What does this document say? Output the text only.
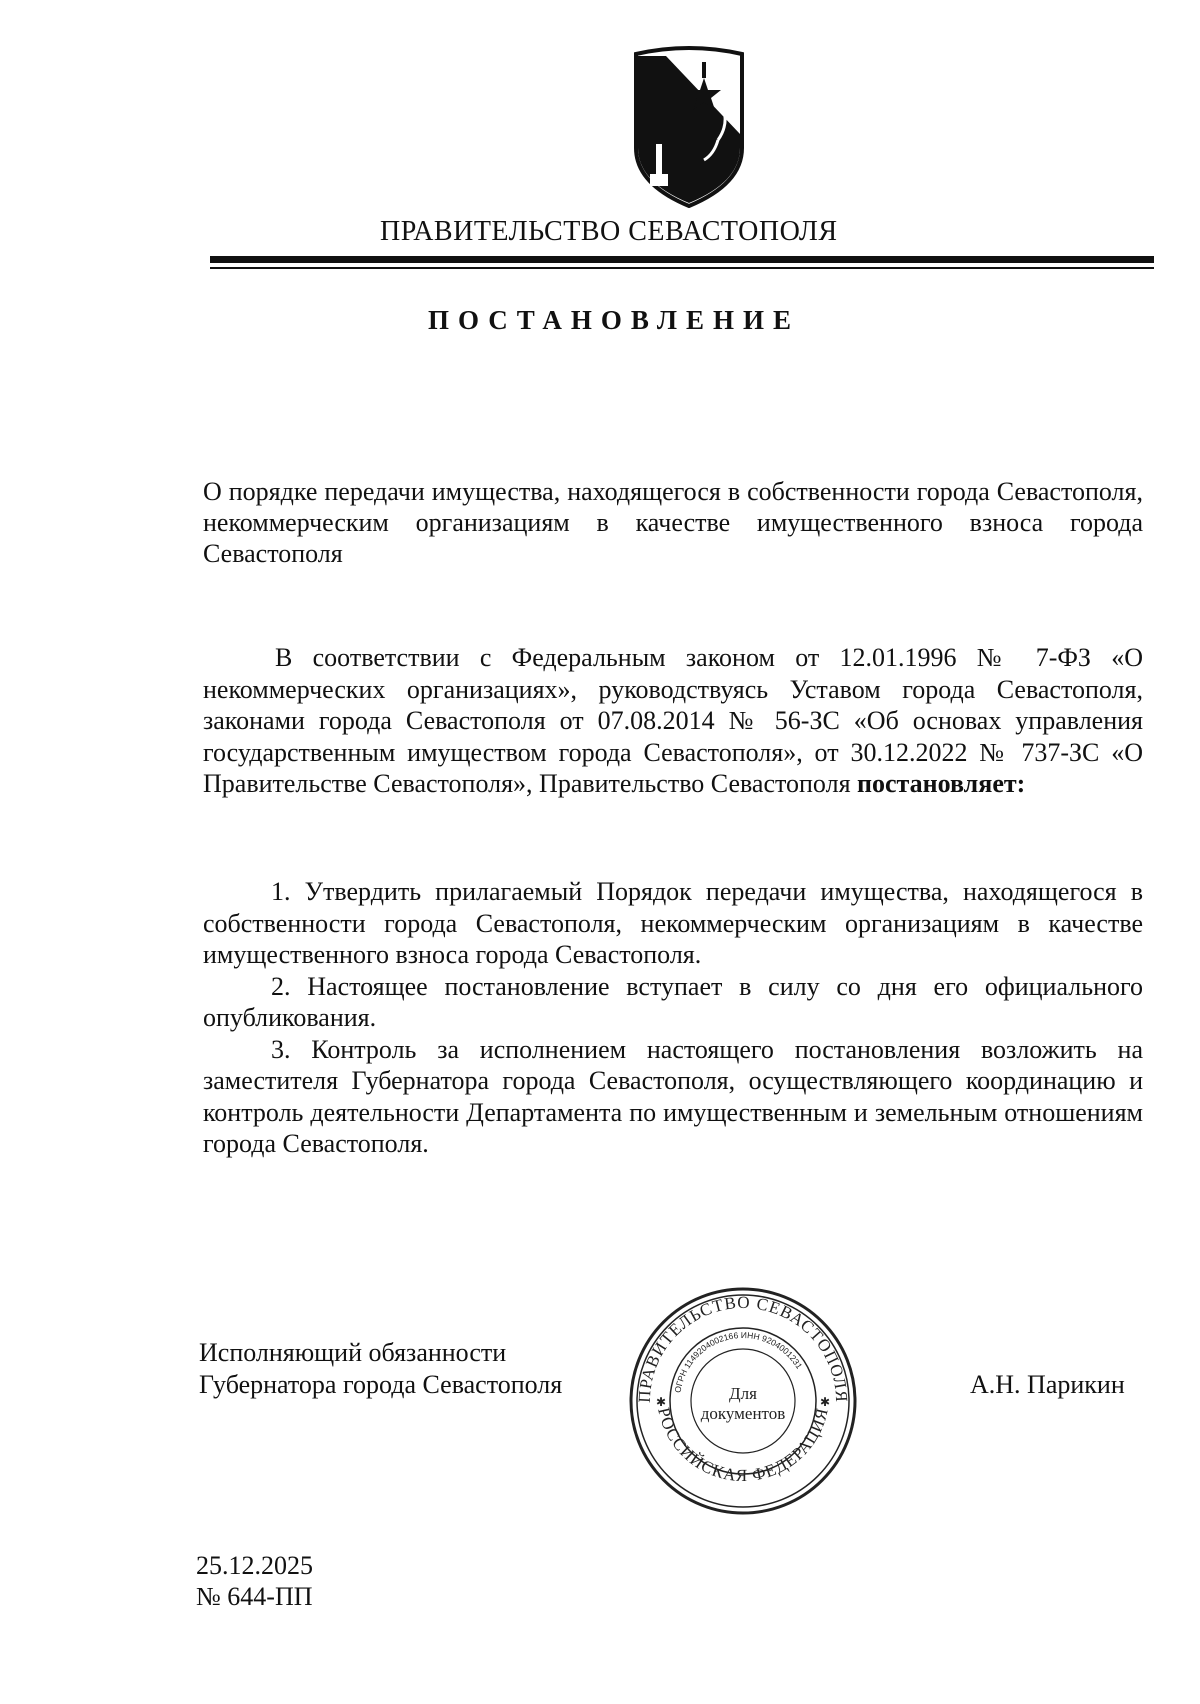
ПРАВИТЕЛЬСТВО СЕВАСТОПОЛЯ
ПОСТАНОВЛЕНИЕ
О порядке передачи имущества, находящегося в собственности города Севастополя, некоммерческим организациям в качестве имущественного взноса города Севастополя
В соответствии с Федеральным законом от 12.01.1996 № 7-ФЗ «О некоммерческих организациях», руководствуясь Уставом города Севастополя, законами города Севастополя от 07.08.2014 № 56-ЗС «Об основах управления государственным имуществом города Севастополя», от 30.12.2022 № 737-ЗС «О Правительстве Севастополя», Правительство Севастополя постановляет:

1. Утвердить прилагаемый Порядок передачи имущества, находящегося в собственности города Севастополя, некоммерческим организациям в качестве имущественного взноса города Севастополя.

2. Настоящее постановление вступает в силу со дня его официального опубликования.

3. Контроль за исполнением настоящего постановления возложить на заместителя Губернатора города Севастополя, осуществляющего координацию и контроль деятельности Департамента по имущественным и земельным отношениям города Севастополя.

Исполняющий обязанности
Губернатора города Севастополя	ПРАВИТЕЛЬСТВО СЕВАСТОПОЛЯ
РОССИЙСКАЯ ФЕДЕРАЦИЯ
ОГРН 1149204002166 ИНН 9204001231
Для
документов
✱	✱
А.Н. Парикин
25.12.2025
№ 644-ПП
